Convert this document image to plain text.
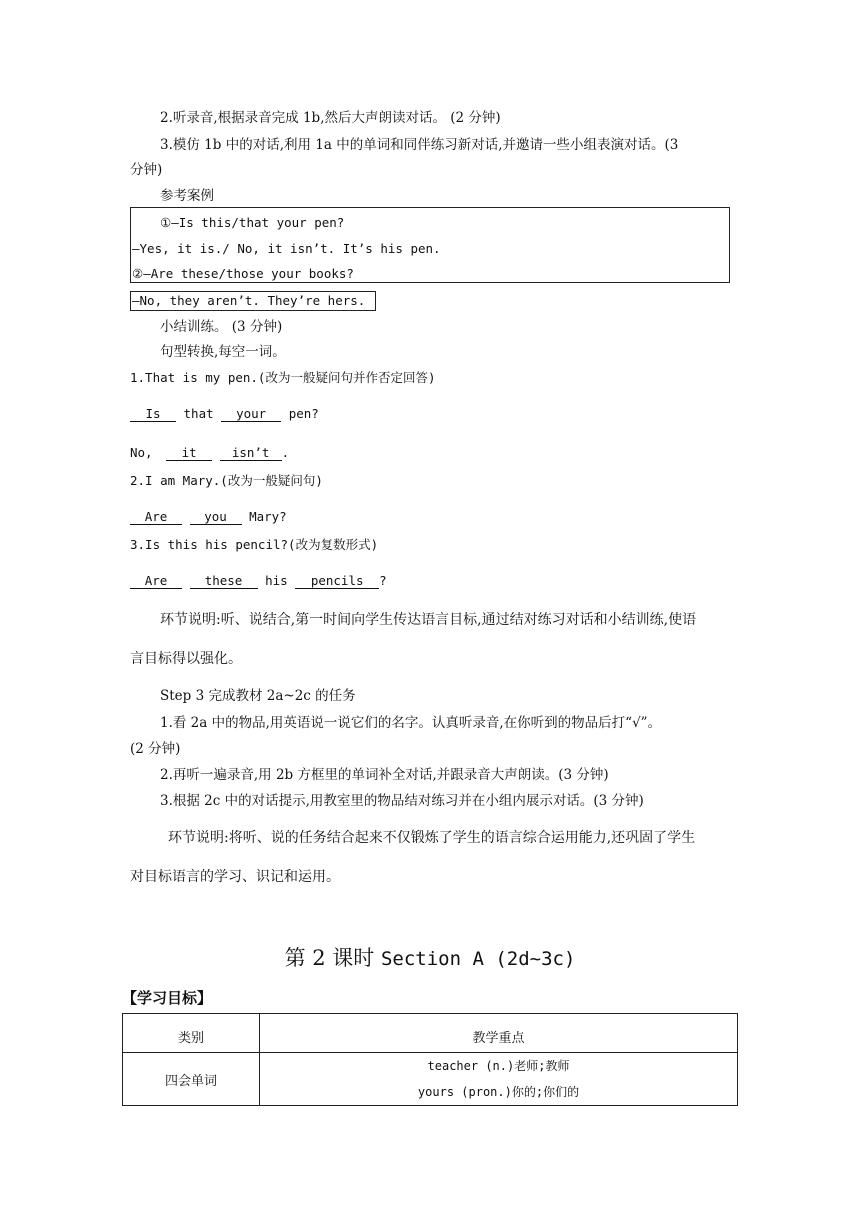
2.听录音,根据录音完成 1b,然后大声朗读对话。 (2 分钟)
3.模仿 1b 中的对话,利用 1a 中的单词和同伴练习新对话,并邀请一些小组表演对话。(3
分钟)
参考案例
①—Is this/that your pen?
—Yes, it is./ No, it isn’t. It’s his pen.
②—Are these/those your books?
—No, they aren’t. They’re hers.
小结训练。 (3 分钟)
句型转换,每空一词。
1.That is my pen.(改为一般疑问句并作否定回答)
Is that your pen?
No, it	isn’t .
2.I am Mary.(改为一般疑问句)
Are	you Mary?
3.Is this his pencil?(改为复数形式)
Are	these his pencils ?
环节说明:听、说结合,第一时间向学生传达语言目标,通过结对练习对话和小结训练,使语
言目标得以强化。
Step 3 完成教材 2a~2c 的任务
1.看 2a 中的物品,用英语说一说它们的名字。认真听录音,在你听到的物品后打“√”。
(2 分钟)
2.再听一遍录音,用 2b 方框里的单词补全对话,并跟录音大声朗读。(3 分钟)
3.根据 2c 中的对话提示,用教室里的物品结对练习并在小组内展示对话。(3 分钟)
环节说明:将听、说的任务结合起来不仅锻炼了学生的语言综合运用能力,还巩固了学生
对目标语言的学习、识记和运用。
第 2 课时 Section A (2d~3c)
【学习目标】
类别	教学重点
四会单词	teacher (n.)老师;教师
yours (pron.)你的;你们的
